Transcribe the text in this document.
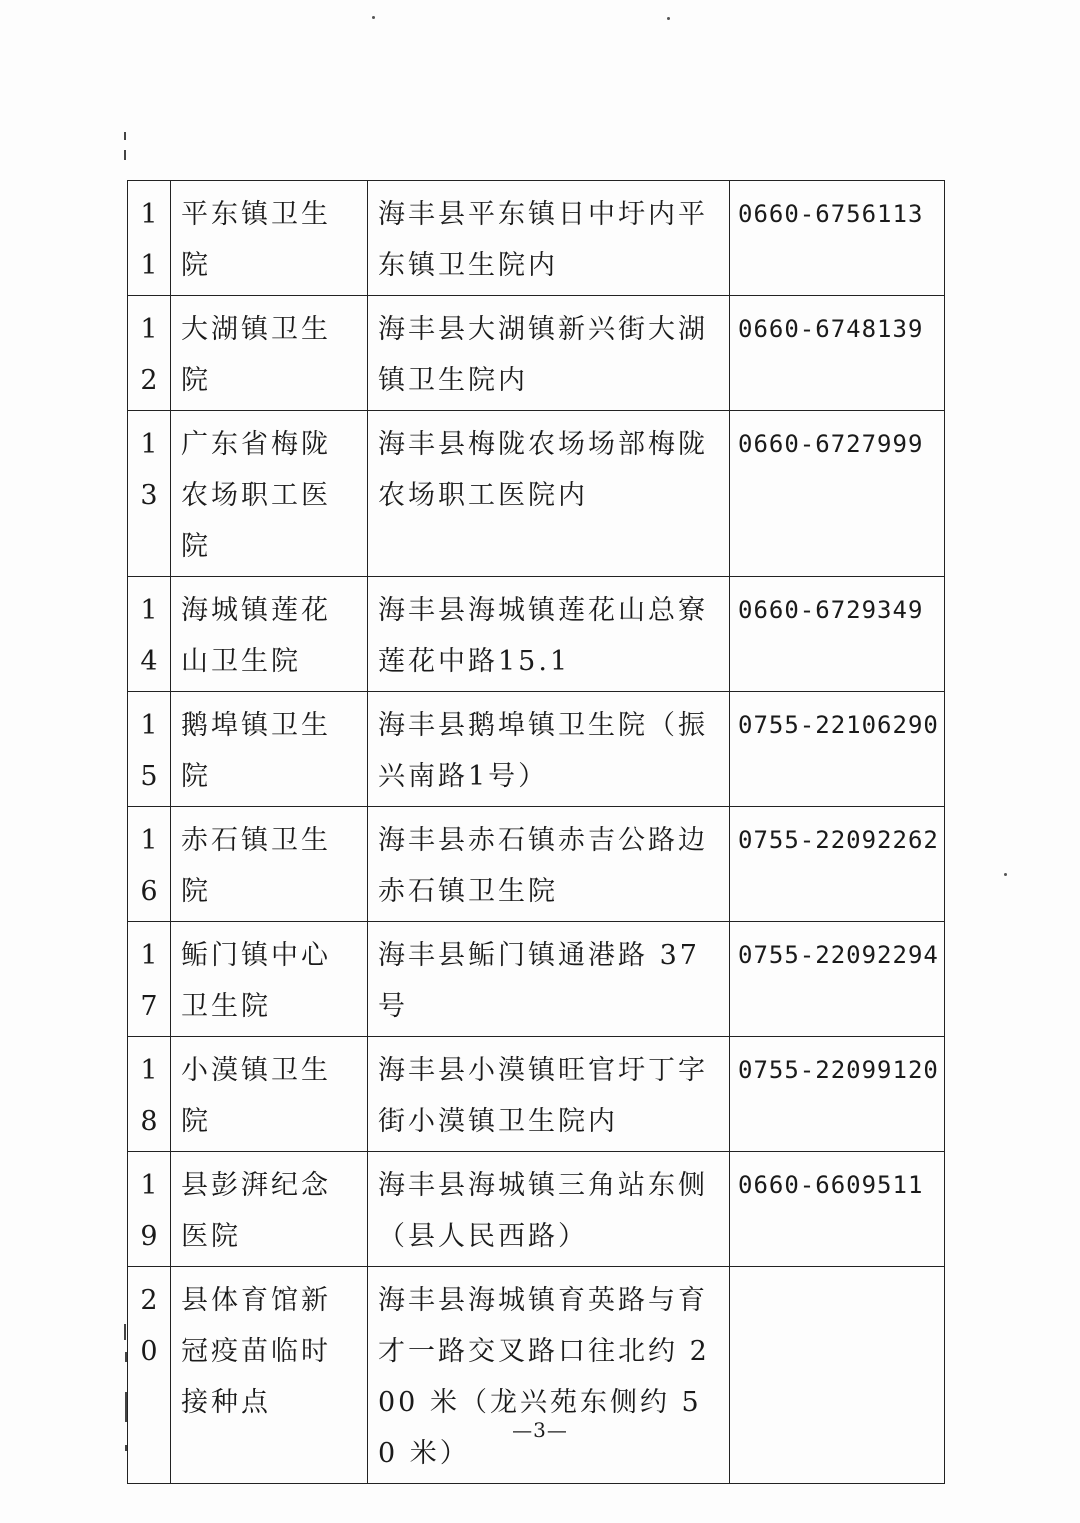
11	平东镇卫生院	海丰县平东镇日中圩内平东镇卫生院内	0660-6756113
12	大湖镇卫生院	海丰县大湖镇新兴街大湖镇卫生院内	0660-6748139
13	广东省梅陇农场职工医院	海丰县梅陇农场场部梅陇农场职工医院内	0660-6727999
14	海城镇莲花山卫生院	海丰县海城镇莲花山总寮莲花中路15.1	0660-6729349
15	鹅埠镇卫生院	海丰县鹅埠镇卫生院（振兴南路1号）	0755-22106290
16	赤石镇卫生院	海丰县赤石镇赤吉公路边赤石镇卫生院	0755-22092262
17	鲘门镇中心卫生院	海丰县鲘门镇通港路 37 号	0755-22092294
18	小漠镇卫生院	海丰县小漠镇旺官圩丁字街小漠镇卫生院内	0755-22099120
19	县彭湃纪念医院	海丰县海城镇三角站东侧（县人民西路）	0660-6609511
20	县体育馆新冠疫苗临时接种点	海丰县海城镇育英路与育才一路交叉路口往北约 200 米（龙兴苑东侧约 50 米）	
—3—
